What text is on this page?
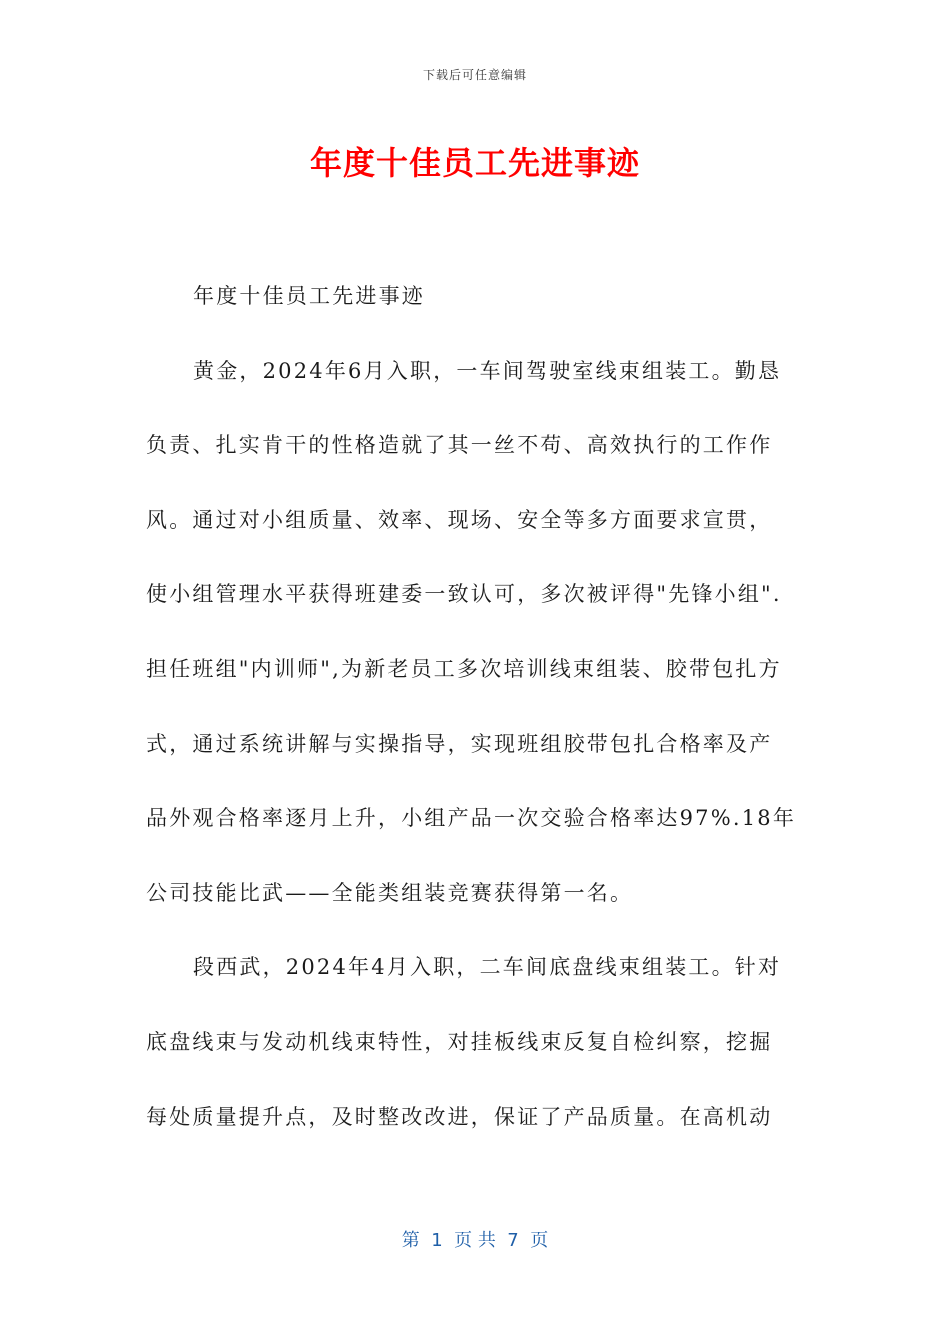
下载后可任意编辑
年度十佳员工先进事迹
年度十佳员工先进事迹
黄金，2024年6月入职，一车间驾驶室线束组装工。勤恳
负责、扎实肯干的性格造就了其一丝不苟、高效执行的工作作
风。通过对小组质量、效率、现场、安全等多方面要求宣贯，
使小组管理水平获得班建委一致认可，多次被评得"先锋小组".
担任班组"内训师",为新老员工多次培训线束组装、胶带包扎方
式，通过系统讲解与实操指导，实现班组胶带包扎合格率及产
品外观合格率逐月上升，小组产品一次交验合格率达97%.18年
公司技能比武——全能类组装竞赛获得第一名。
段西武，2024年4月入职，二车间底盘线束组装工。针对
底盘线束与发动机线束特性，对挂板线束反复自检纠察，挖掘
每处质量提升点，及时整改改进，保证了产品质量。在高机动
第  1  页 共  7  页
